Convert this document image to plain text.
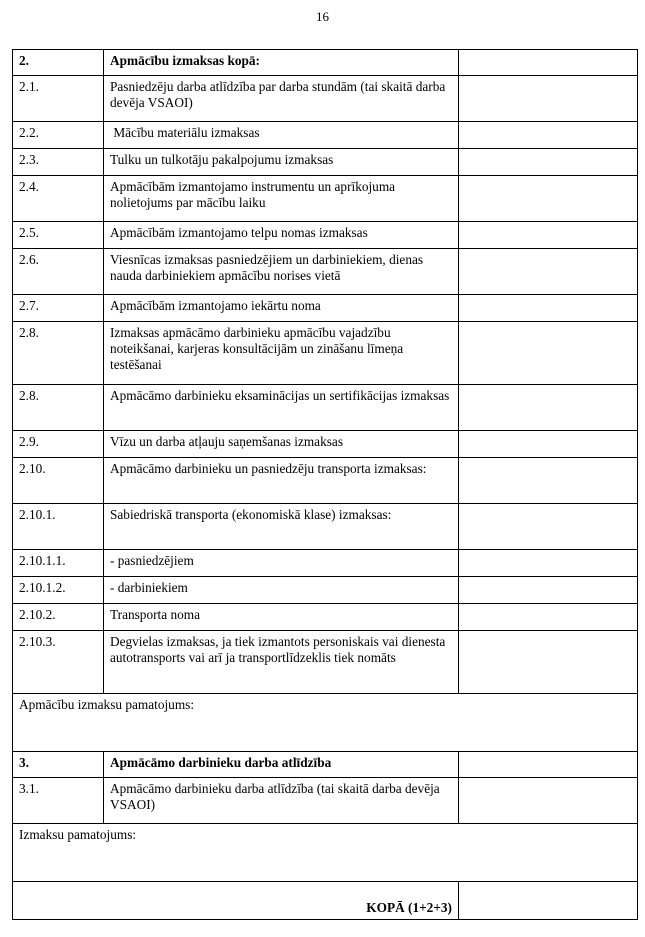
16
2.	Apmācību izmaksas kopā:	
2.1.	Pasniedzēju darba atlīdzība par darba stundām (tai skaitā darba devēja VSAOI)	
2.2.	Mācību materiālu izmaksas	
2.3.	Tulku un tulkotāju pakalpojumu izmaksas	
2.4.	Apmācībām izmantojamo instrumentu un aprīkojuma nolietojums par mācību laiku	
2.5.	Apmācībām izmantojamo telpu nomas izmaksas	
2.6.	Viesnīcas izmaksas pasniedzējiem un darbiniekiem, dienas nauda darbiniekiem apmācību norises vietā	
2.7.	Apmācībām izmantojamo iekārtu noma	
2.8.	Izmaksas apmācāmo darbinieku apmācību vajadzību noteikšanai, karjeras konsultācijām un zināšanu līmeņa testēšanai	
2.8.	Apmācāmo darbinieku eksaminācijas un sertifikācijas izmaksas	
2.9.	Vīzu un darba atļauju saņemšanas izmaksas	
2.10.	Apmācāmo darbinieku un pasniedzēju transporta izmaksas:	
2.10.1.	Sabiedriskā transporta (ekonomiskā klase) izmaksas:	
2.10.1.1.	- pasniedzējiem	
2.10.1.2.	- darbiniekiem	
2.10.2.	Transporta noma	
2.10.3.	Degvielas izmaksas, ja tiek izmantots personiskais vai dienesta autotransports vai arī ja transportlīdzeklis tiek nomāts	
Apmācību izmaksu pamatojums:		
3.	Apmācāmo darbinieku darba atlīdzība	
3.1.	Apmācāmo darbinieku darba atlīdzība (tai skaitā darba devēja VSAOI)	
Izmaksu pamatojums:		
KOPĀ (1+2+3)		
